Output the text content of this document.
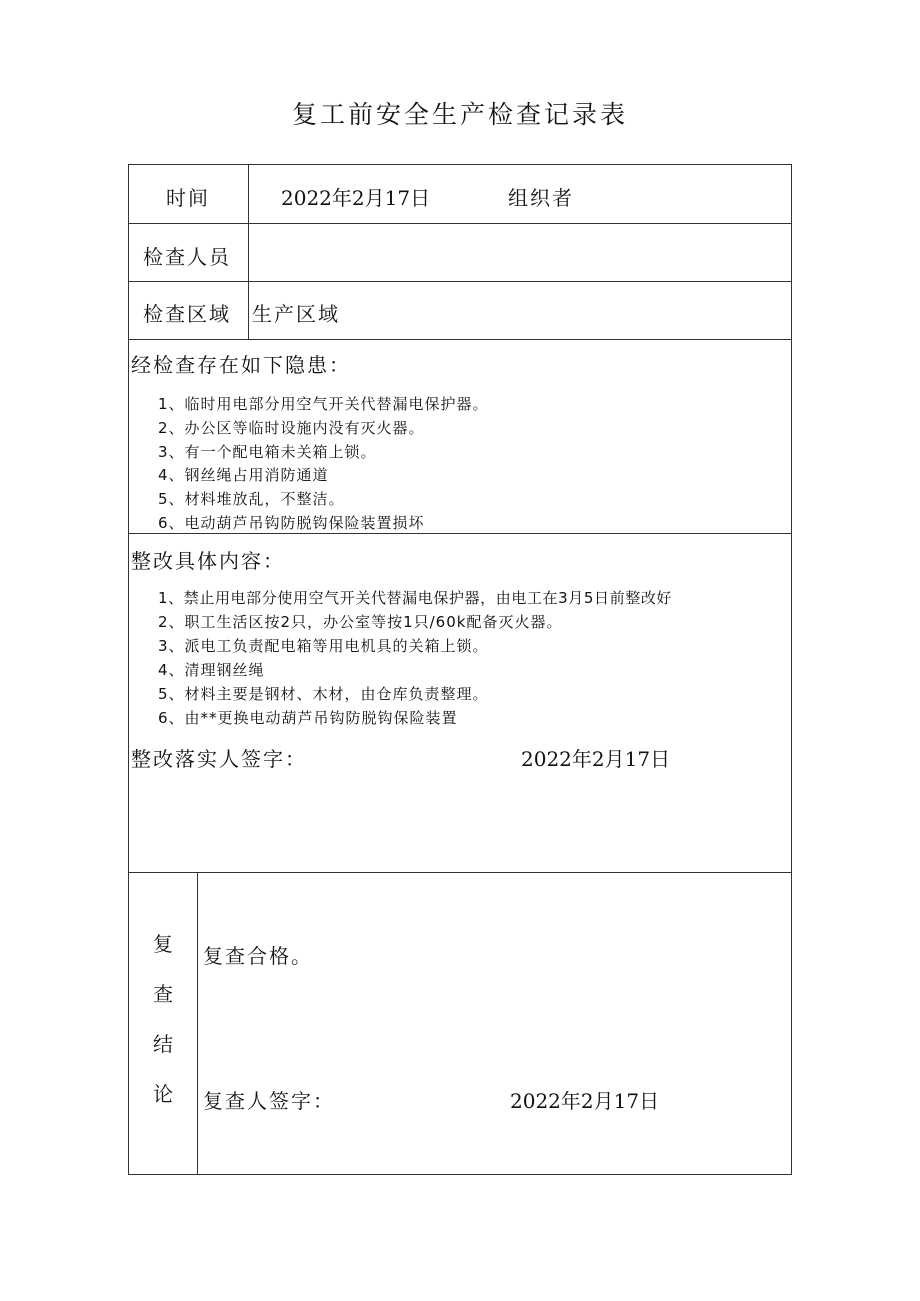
复工前安全生产检查记录表
时间	2022年2月17日	组织者
检查人员
检查区域 生产区域
经检查存在如下隐患：
1、临时用电部分用空气开关代替漏电保护器。
2、办公区等临时设施内没有灭火器。
3、有一个配电箱未关箱上锁。
4、钢丝绳占用消防通道
5、材料堆放乱，不整洁。
6、电动葫芦吊钩防脱钩保险装置损坏
整改具体内容：
1、禁止用电部分使用空气开关代替漏电保护器，由电工在3月5日前整改好
2、职工生活区按2只，办公室等按1只/60k配备灭火器。
3、派电工负责配电箱等用电机具的关箱上锁。
4、清理钢丝绳
5、材料主要是钢材、木材，由仓库负责整理。
6、由**更换电动葫芦吊钩防脱钩保险装置
整改落实人签字：	2022年2月17日
复
查
结
论
复查合格。
复查人签字：	2022年2月17日
